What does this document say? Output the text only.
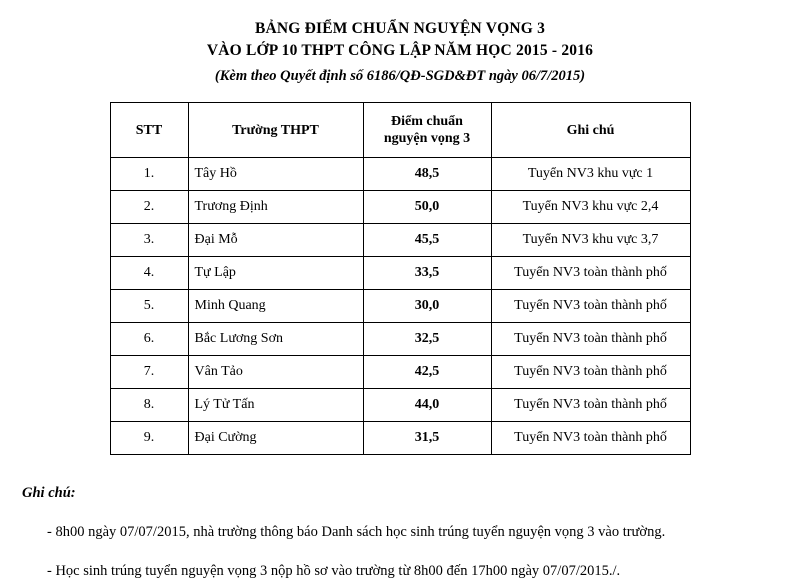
BẢNG ĐIỂM CHUẨN NGUYỆN VỌNG 3
VÀO LỚP 10 THPT CÔNG LẬP NĂM HỌC 2015 - 2016
(Kèm theo Quyết định số 6186/QĐ-SGD&ĐT ngày 06/7/2015)
STT	Trường THPT	Điểm chuẩn nguyện vọng 3	Ghi chú
1.	Tây Hồ	48,5	Tuyển NV3 khu vực 1
2.	Trương Định	50,0	Tuyển NV3 khu vực 2,4
3.	Đại Mỗ	45,5	Tuyển NV3 khu vực 3,7
4.	Tự Lập	33,5	Tuyển NV3 toàn thành phố
5.	Minh Quang	30,0	Tuyển NV3 toàn thành phố
6.	Bắc Lương Sơn	32,5	Tuyển NV3 toàn thành phố
7.	Vân Tảo	42,5	Tuyển NV3 toàn thành phố
8.	Lý Tử Tấn	44,0	Tuyển NV3 toàn thành phố
9.	Đại Cường	31,5	Tuyển NV3 toàn thành phố
Ghi chú:
- 8h00 ngày 07/07/2015, nhà trường thông báo Danh sách học sinh trúng tuyển nguyện vọng 3 vào trường.
- Học sinh trúng tuyển nguyện vọng 3 nộp hồ sơ vào trường từ 8h00 đến 17h00 ngày 07/07/2015./.
